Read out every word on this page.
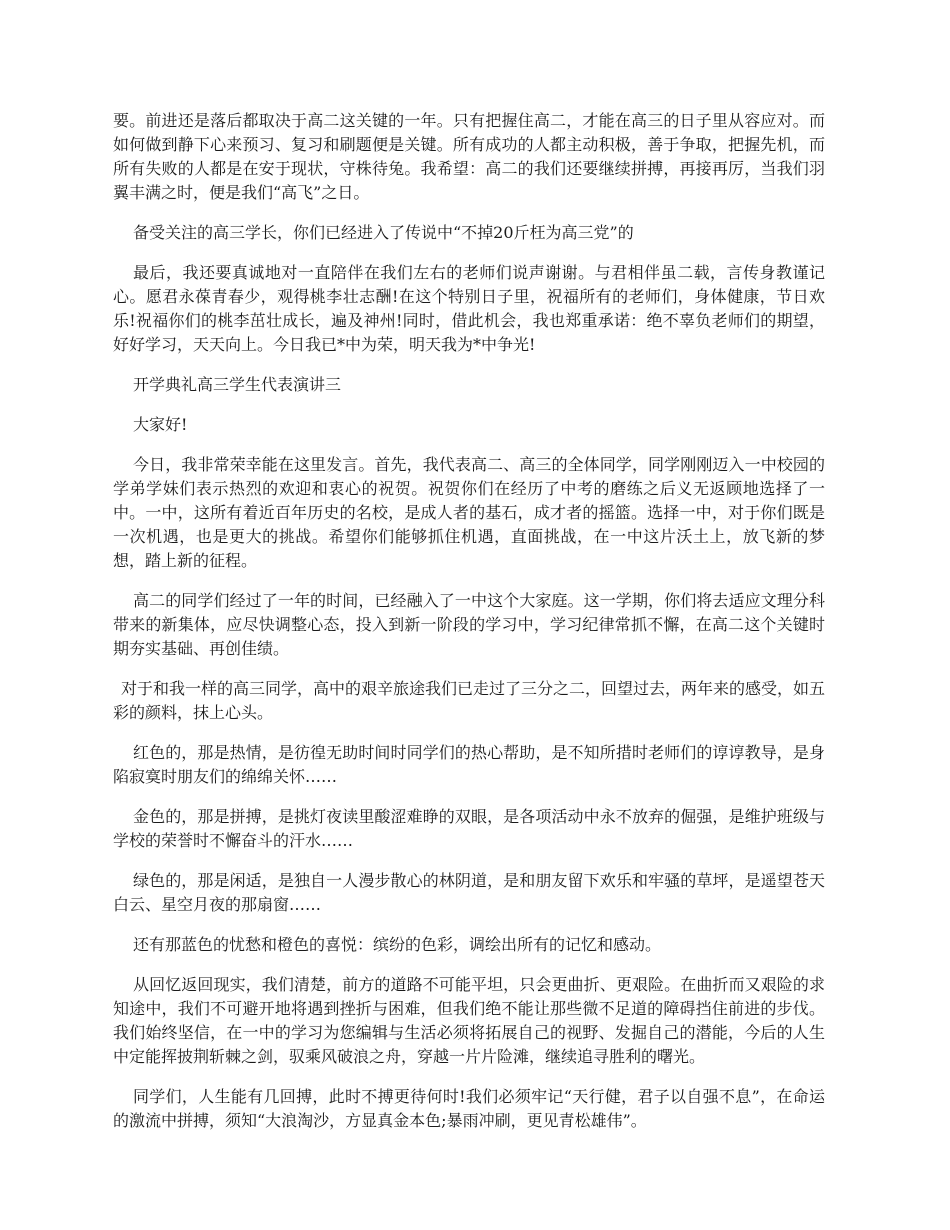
要。前进还是落后都取决于高二这关键的一年。只有把握住高二，才能在高三的日子里从容应对。而如何做到静下心来预习、复习和刷题便是关键。所有成功的人都主动积极，善于争取，把握先机，而所有失败的人都是在安于现状，守株待兔。我希望：高二的我们还要继续拼搏，再接再厉，当我们羽翼丰满之时，便是我们“高飞”之日。

备受关注的高三学长，你们已经进入了传说中“不掉20斤枉为高三党”的

最后，我还要真诚地对一直陪伴在我们左右的老师们说声谢谢。与君相伴虽二载，言传身教谨记心。愿君永葆青春少，观得桃李壮志酬!在这个特别日子里，祝福所有的老师们，身体健康，节日欢乐!祝福你们的桃李茁壮成长，遍及神州!同时，借此机会，我也郑重承诺：绝不辜负老师们的期望，好好学习，天天向上。今日我已*中为荣，明天我为*中争光!

开学典礼高三学生代表演讲三

大家好!

今日，我非常荣幸能在这里发言。首先，我代表高二、高三的全体同学，同学刚刚迈入一中校园的学弟学妹们表示热烈的欢迎和衷心的祝贺。祝贺你们在经历了中考的磨练之后义无返顾地选择了一中。一中，这所有着近百年历史的名校，是成人者的基石，成才者的摇篮。选择一中，对于你们既是一次机遇，也是更大的挑战。希望你们能够抓住机遇，直面挑战，在一中这片沃土上，放飞新的梦想，踏上新的征程。

高二的同学们经过了一年的时间，已经融入了一中这个大家庭。这一学期，你们将去适应文理分科带来的新集体，应尽快调整心态，投入到新一阶段的学习中，学习纪律常抓不懈，在高二这个关键时期夯实基础、再创佳绩。

对于和我一样的高三同学，高中的艰辛旅途我们已走过了三分之二，回望过去，两年来的感受，如五彩的颜料，抹上心头。

红色的，那是热情，是彷徨无助时间时同学们的热心帮助，是不知所措时老师们的谆谆教导，是身陷寂寞时朋友们的绵绵关怀……

金色的，那是拼搏，是挑灯夜读里酸涩难睁的双眼，是各项活动中永不放弃的倔强，是维护班级与学校的荣誉时不懈奋斗的汗水……

绿色的，那是闲适，是独自一人漫步散心的林阴道，是和朋友留下欢乐和牢骚的草坪，是遥望苍天白云、星空月夜的那扇窗……

还有那蓝色的忧愁和橙色的喜悦：缤纷的色彩，调绘出所有的记忆和感动。

从回忆返回现实，我们清楚，前方的道路不可能平坦，只会更曲折、更艰险。在曲折而又艰险的求知途中，我们不可避开地将遇到挫折与困难，但我们绝不能让那些微不足道的障碍挡住前进的步伐。我们始终坚信，在一中的学习为您编辑与生活必须将拓展自己的视野、发掘自己的潜能，今后的人生中定能挥披荆斩棘之剑，驭乘风破浪之舟，穿越一片片险滩，继续追寻胜利的曙光。

同学们，人生能有几回搏，此时不搏更待何时!我们必须牢记“天行健，君子以自强不息”，在命运的激流中拼搏，须知“大浪淘沙，方显真金本色;暴雨冲刷，更见青松雄伟”。
